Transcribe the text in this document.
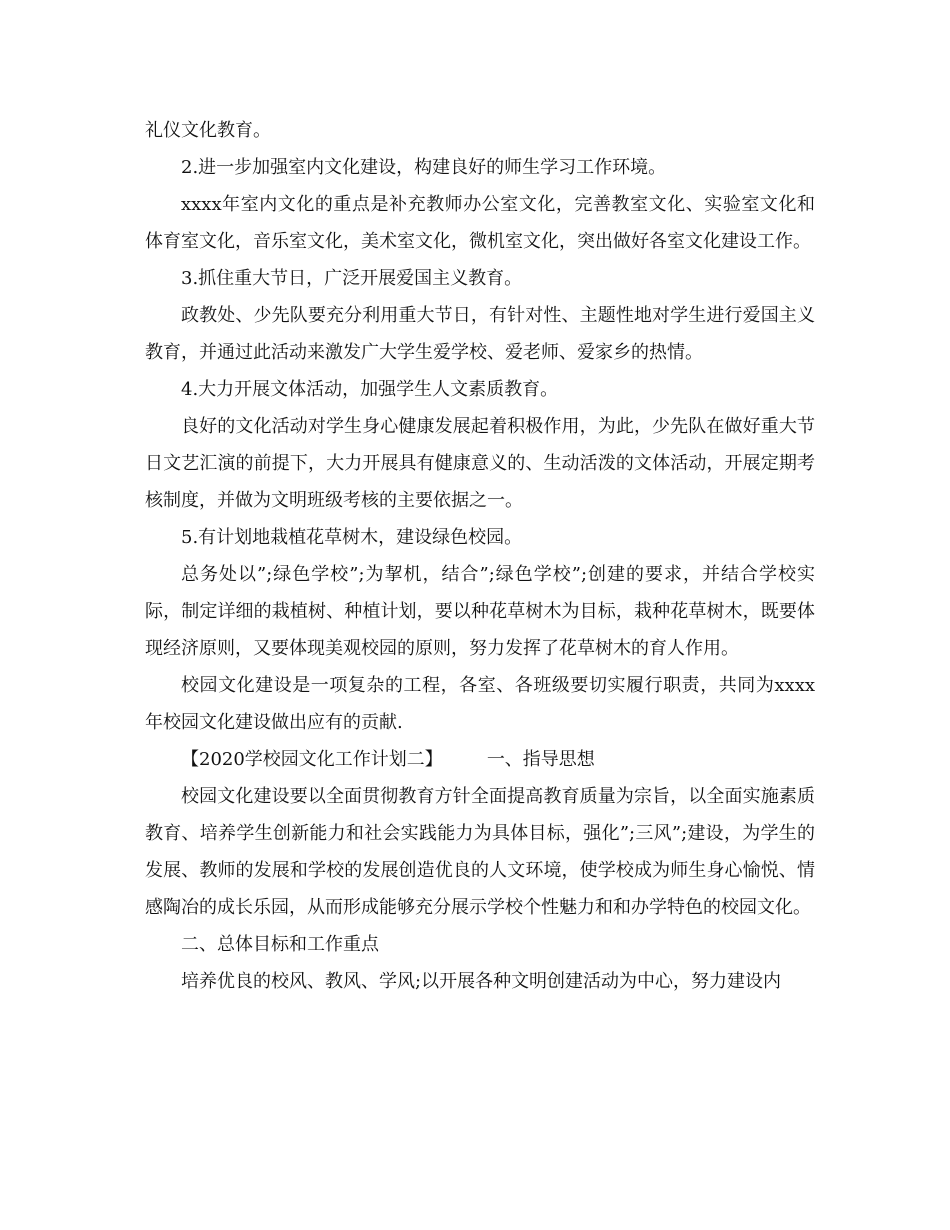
礼仪文化教育。

2.进一步加强室内文化建设，构建良好的师生学习工作环境。

xxxx年室内文化的重点是补充教师办公室文化，完善教室文化、实验室文化和体育室文化，音乐室文化，美术室文化，微机室文化，突出做好各室文化建设工作。

3.抓住重大节日，广泛开展爱国主义教育。

政教处、少先队要充分利用重大节日，有针对性、主题性地对学生进行爱国主义教育，并通过此活动来激发广大学生爱学校、爱老师、爱家乡的热情。

4.大力开展文体活动，加强学生人文素质教育。

良好的文化活动对学生身心健康发展起着积极作用，为此，少先队在做好重大节日文艺汇演的前提下，大力开展具有健康意义的、生动活泼的文体活动，开展定期考核制度，并做为文明班级考核的主要依据之一。

5.有计划地栽植花草树木，建设绿色校园。

总务处以”;绿色学校”;为挈机，结合”;绿色学校”;创建的要求，并结合学校实际，制定详细的栽植树、种植计划，要以种花草树木为目标，栽种花草树木，既要体现经济原则，又要体现美观校园的原则，努力发挥了花草树木的育人作用。

校园文化建设是一项复杂的工程，各室、各班级要切实履行职责，共同为xxxx年校园文化建设做出应有的贡献.

【2020学校园文化工作计划二】 一、指导思想

校园文化建设要以全面贯彻教育方针全面提高教育质量为宗旨，以全面实施素质教育、培养学生创新能力和社会实践能力为具体目标，强化”;三风”;建设，为学生的发展、教师的发展和学校的发展创造优良的人文环境，使学校成为师生身心愉悦、情感陶冶的成长乐园，从而形成能够充分展示学校个性魅力和和办学特色的校园文化。

二、总体目标和工作重点

培养优良的校风、教风、学风;以开展各种文明创建活动为中心，努力建设内
